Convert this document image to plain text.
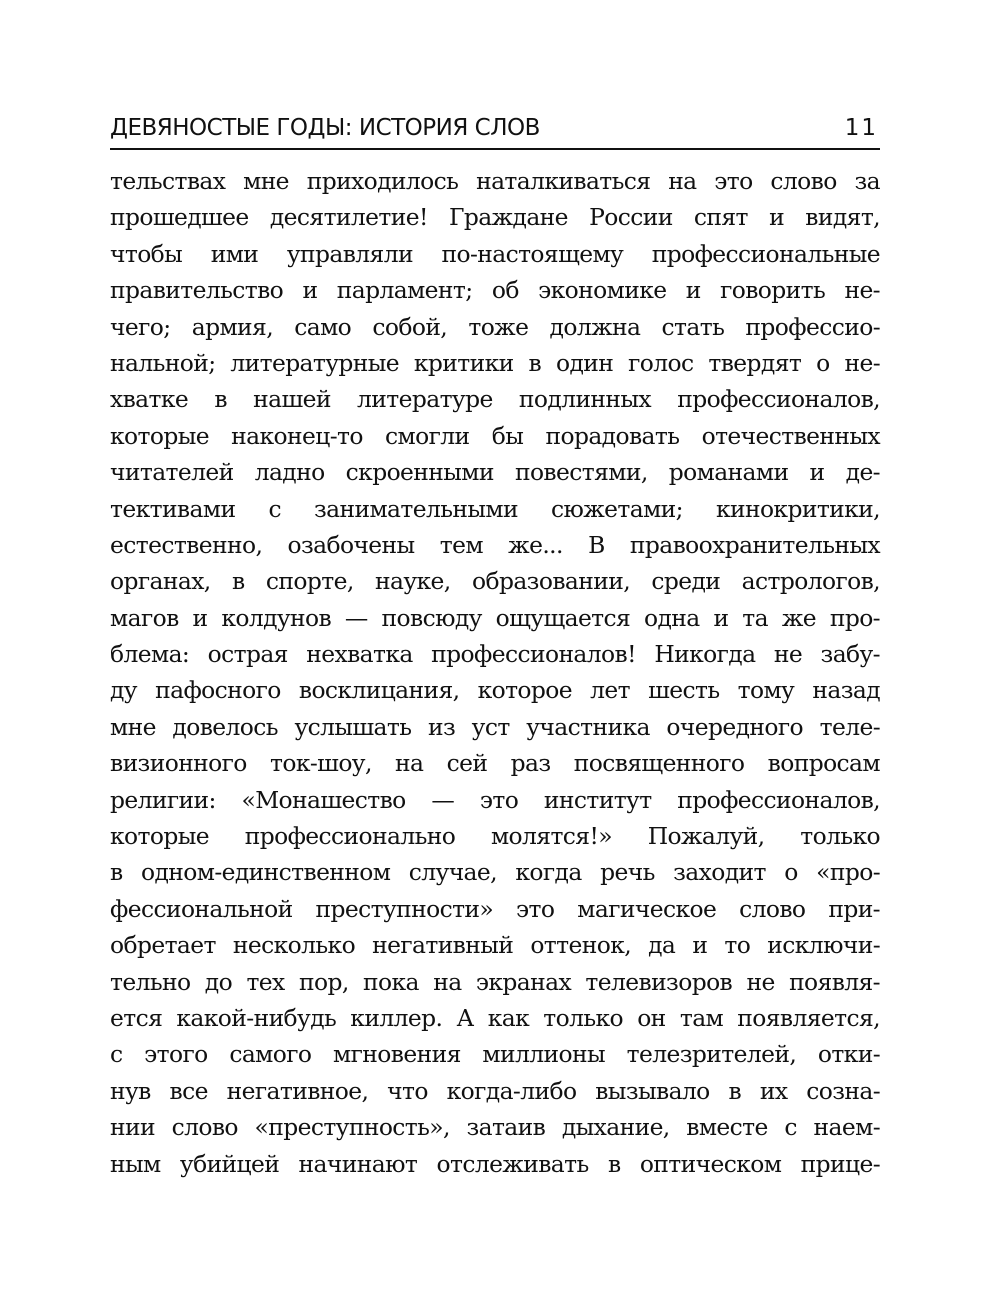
ДЕВЯНОСТЫЕ ГОДЫ: ИСТОРИЯ СЛОВ	11
тельствах мне приходилось наталкиваться на это слово за
прошедшее десятилетие! Граждане России спят и видят,
чтобы ими управляли по-настоящему профессиональные
правительство и парламент; об экономике и говорить не-
чего; армия, само собой, тоже должна стать профессио-
нальной; литературные критики в один голос твердят о не-
хватке в нашей литературе подлинных профессионалов,
которые наконец-то смогли бы порадовать отечественных
читателей ладно скроенными повестями, романами и де-
тективами с занимательными сюжетами; кинокритики,
естественно, озабочены тем же... В правоохранительных
органах, в спорте, науке, образовании, среди астрологов,
магов и колдунов — повсюду ощущается одна и та же про-
блема: острая нехватка профессионалов! Никогда не забу-
ду пафосного восклицания, которое лет шесть тому назад
мне довелось услышать из уст участника очередного теле-
визионного ток-шоу, на сей раз посвященного вопросам
религии: «Монашество — это институт профессионалов,
которые профессионально молятся!» Пожалуй, только
в одном-единственном случае, когда речь заходит о «про-
фессиональной преступности» это магическое слово при-
обретает несколько негативный оттенок, да и то исключи-
тельно до тех пор, пока на экранах телевизоров не появля-
ется какой-нибудь киллер. А как только он там появляется,
с этого самого мгновения миллионы телезрителей, отки-
нув все негативное, что когда-либо вызывало в их созна-
нии слово «преступность», затаив дыхание, вместе с наем-
ным убийцей начинают отслеживать в оптическом прице-
